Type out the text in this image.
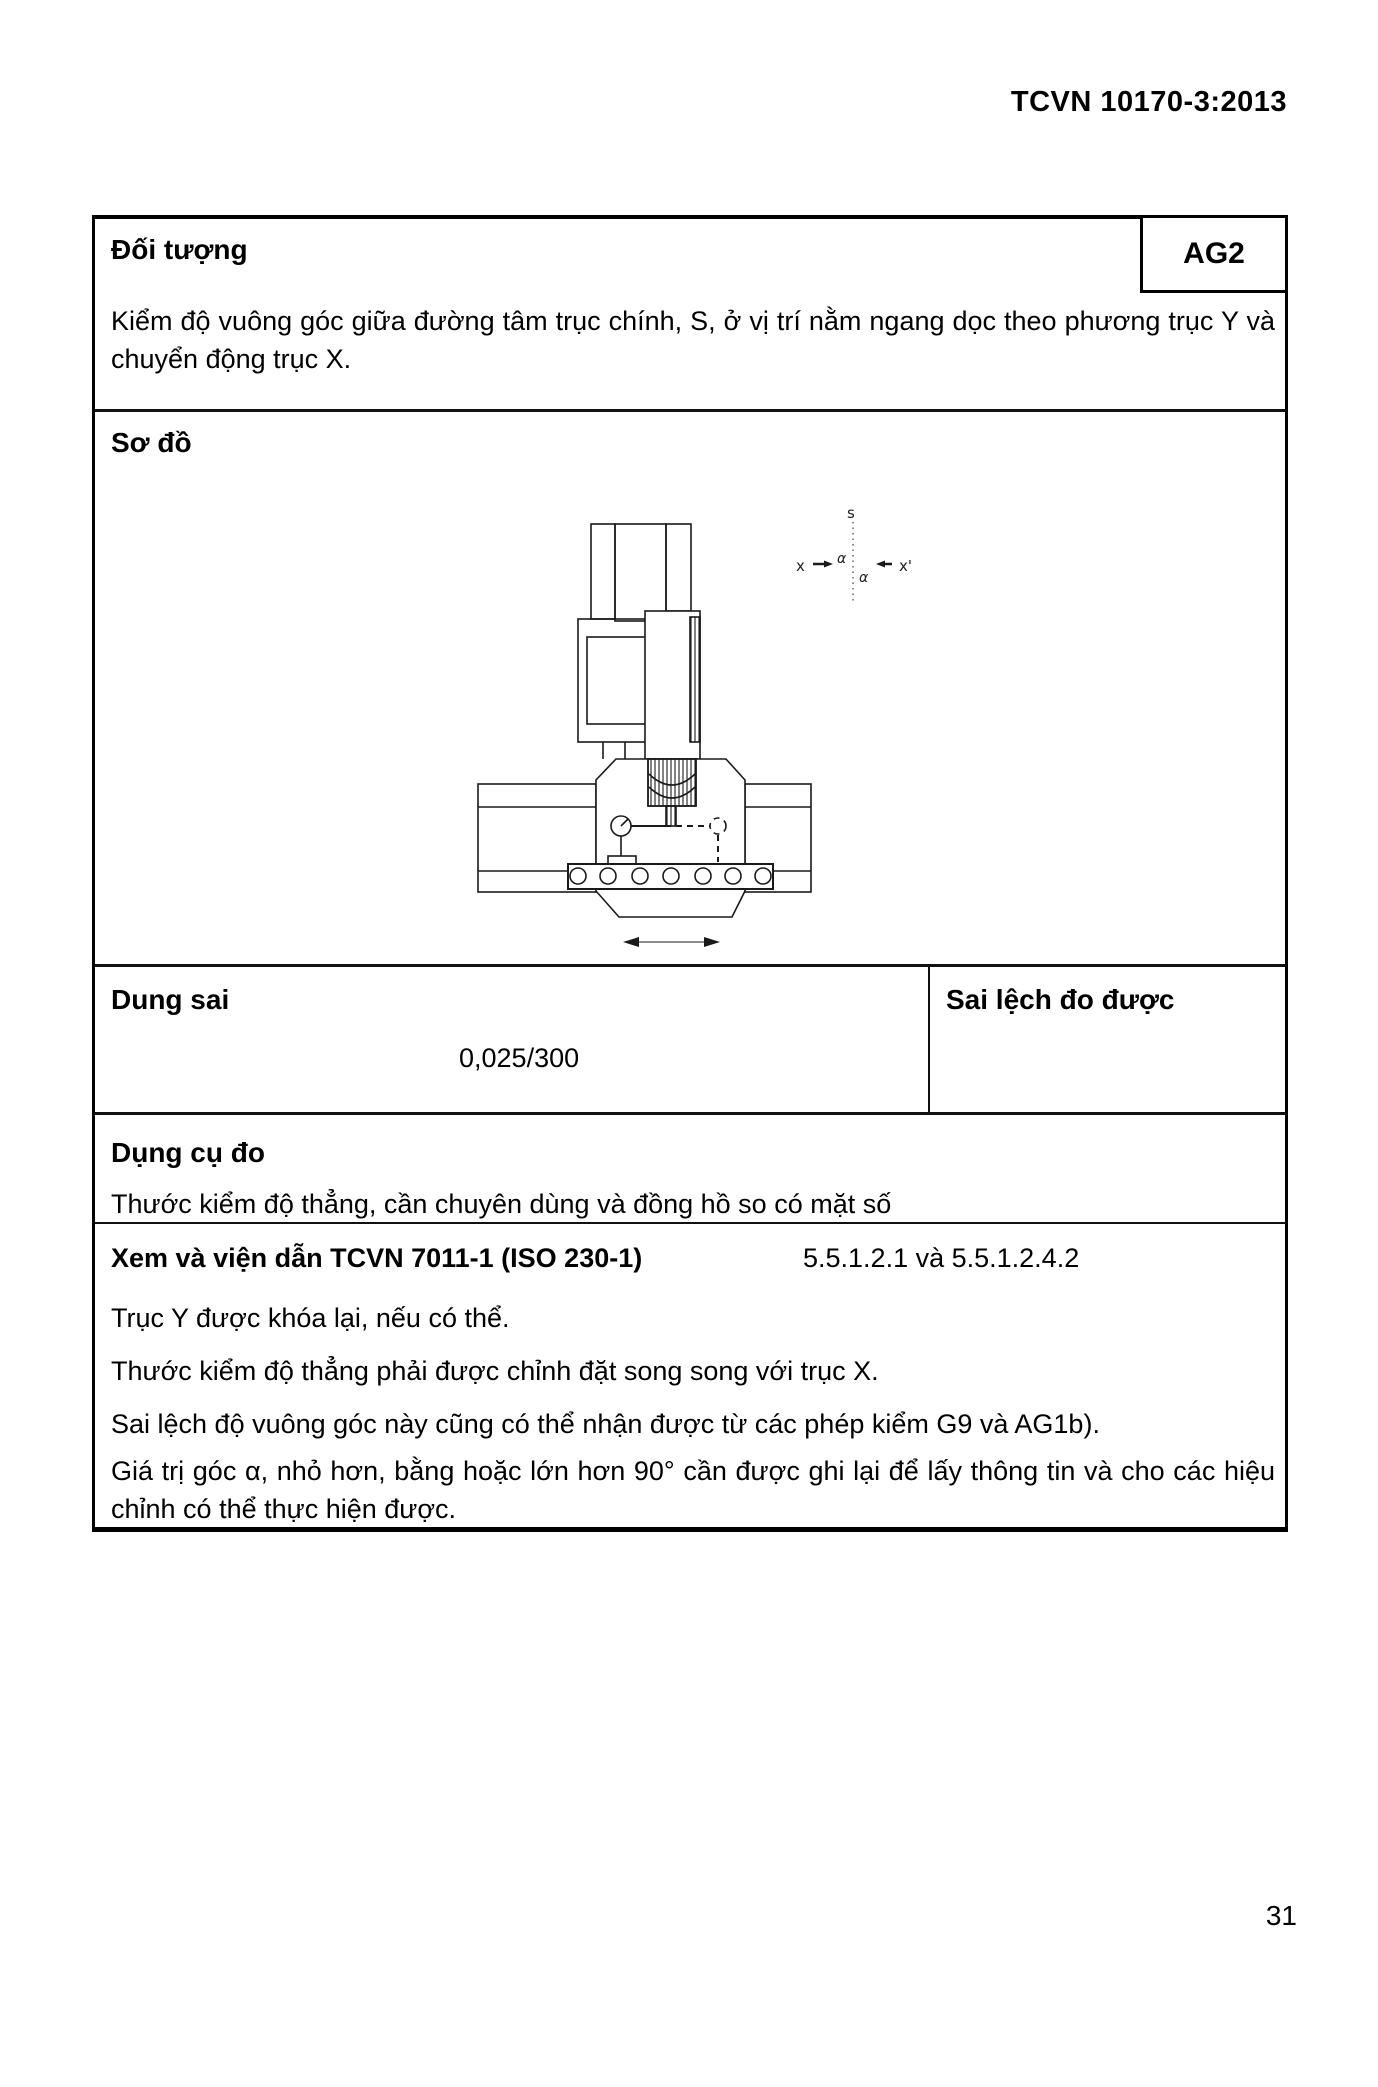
TCVN 10170-3:2013
Đối tượng	AG2
Kiểm độ vuông góc giữa đường tâm trục chính, S, ở vị trí nằm ngang dọc theo phương trục Y và chuyển động trục X.
Sơ đồ
s
x	x'
α
α
Dung sai
0,025/300
Sai lệch đo được
Dụng cụ đo
Thước kiểm độ thẳng, cần chuyên dùng và đồng hồ so có mặt số
Xem và viện dẫn TCVN 7011-1 (ISO 230-1)	5.5.1.2.1 và 5.5.1.2.4.2
Trục Y được khóa lại, nếu có thể.
Thước kiểm độ thẳng phải được chỉnh đặt song song với trục X.
Sai lệch độ vuông góc này cũng có thể nhận được từ các phép kiểm G9 và AG1b).
Giá trị góc α, nhỏ hơn, bằng hoặc lớn hơn 90° cần được ghi lại để lấy thông tin và cho các hiệu chỉnh có thể thực hiện được.
31
